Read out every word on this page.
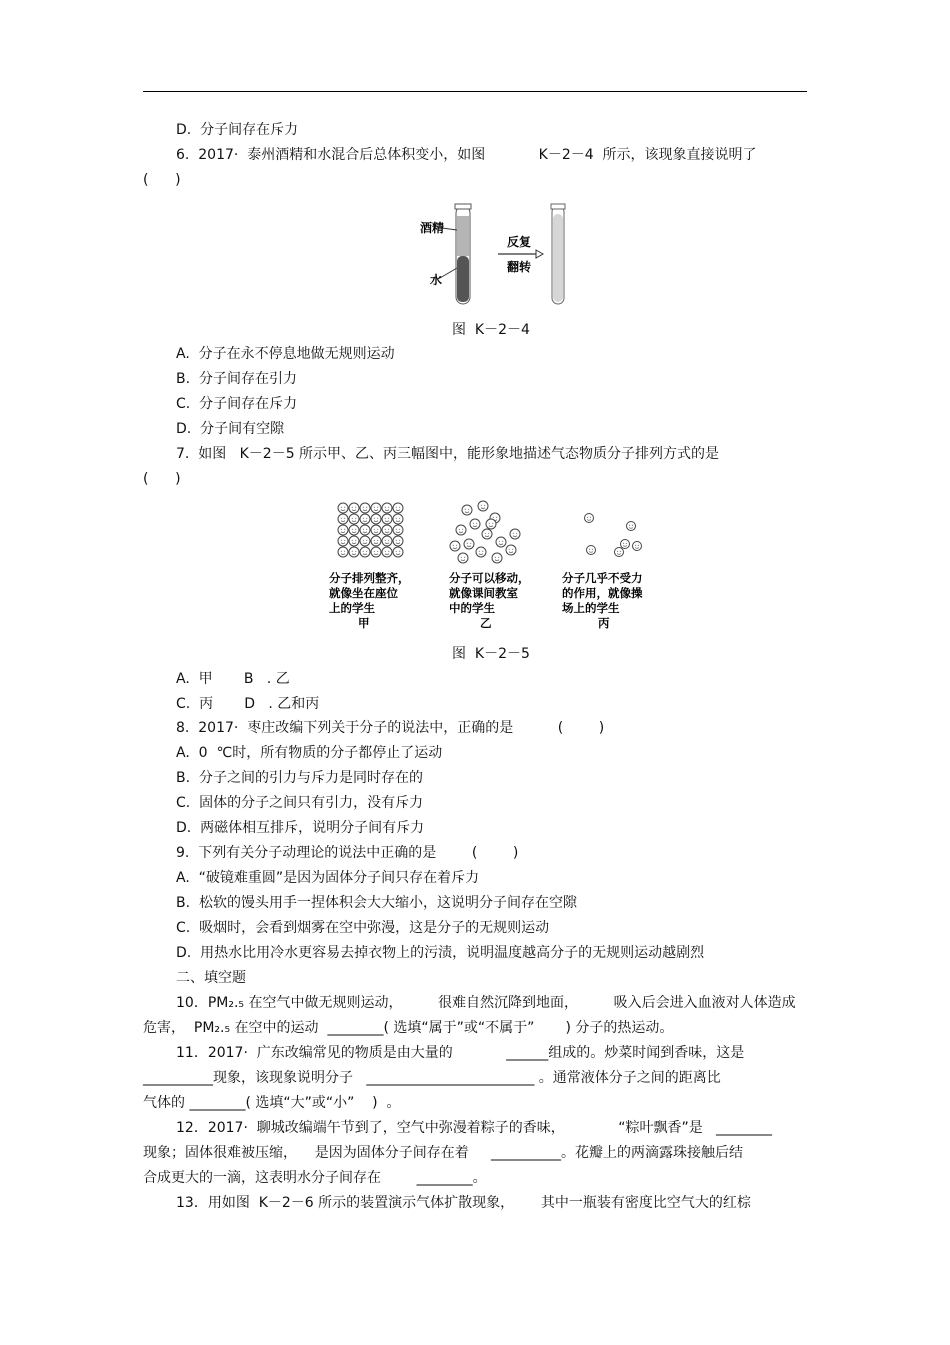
D.  分子间存在斥力
6.  2017·  泰州酒精和水混合后总体积变小，如图            K－2－4  所示，该现象直接说明了
(      )
酒精
水
反复
翻转
图  K－2－4
A.  分子在永不停息地做无规则运动
B.  分子间存在引力
C.  分子间存在斥力
D.  分子间有空隙
7.  如图   K－2－5 所示甲、乙、丙三幅图中，能形象地描述气态物质分子排列方式的是
(      )
分子排列整齐，
就像坐在座位
上的学生
甲
分子可以移动，
就像课间教室
中的学生
乙
分子几乎不受力
的作用，就像操
场上的学生
丙
图  K－2－5
A.  甲       B   . 乙
C.  丙       D   . 乙和丙
8.  2017·  枣庄改编下列关于分子的说法中，正确的是          (        )
A.  0  ℃时，所有物质的分子都停止了运动
B.  分子之间的引力与斥力是同时存在的
C.  固体的分子之间只有引力，没有斥力
D.  两磁体相互排斥，说明分子间有斥力
9.  下列有关分子动理论的说法中正确的是        (        )
A.  “破镜难重圆”是因为固体分子间只存在着斥力
B.  松软的馒头用手一捏体积会大大缩小，这说明分子间存在空隙
C.  吸烟时，会看到烟雾在空中弥漫，这是分子的无规则运动
D.  用热水比用冷水更容易去掉衣物上的污渍，说明温度越高分子的无规则运动越剧烈
二、填空题
10．PM₂.₅ 在空气中做无规则运动，        很难自然沉降到地面，        吸入后会进入血液对人体造成
危害，  PM₂.₅ 在空中的运动  ________( 选填“属于”或“不属于”       ) 分子的热运动。
11．2017·  广东改编常见的物质是由大量的            ______组成的。炒菜时闻到香味，这是
__________现象，该现象说明分子   ________________________ 。通常液体分子之间的距离比
气体的 ________( 选填“大”或“小”    )  。
12．2017·  聊城改编端午节到了，空气中弥漫着粽子的香味，            “粽叶飘香”是   ________
现象；固体很难被压缩，    是因为固体分子间存在着     __________。花瓣上的两滴露珠接触后结
合成更大的一滴，这表明水分子间存在        ________。
13．用如图  K－2－6 所示的装置演示气体扩散现象，      其中一瓶装有密度比空气大的红棕
